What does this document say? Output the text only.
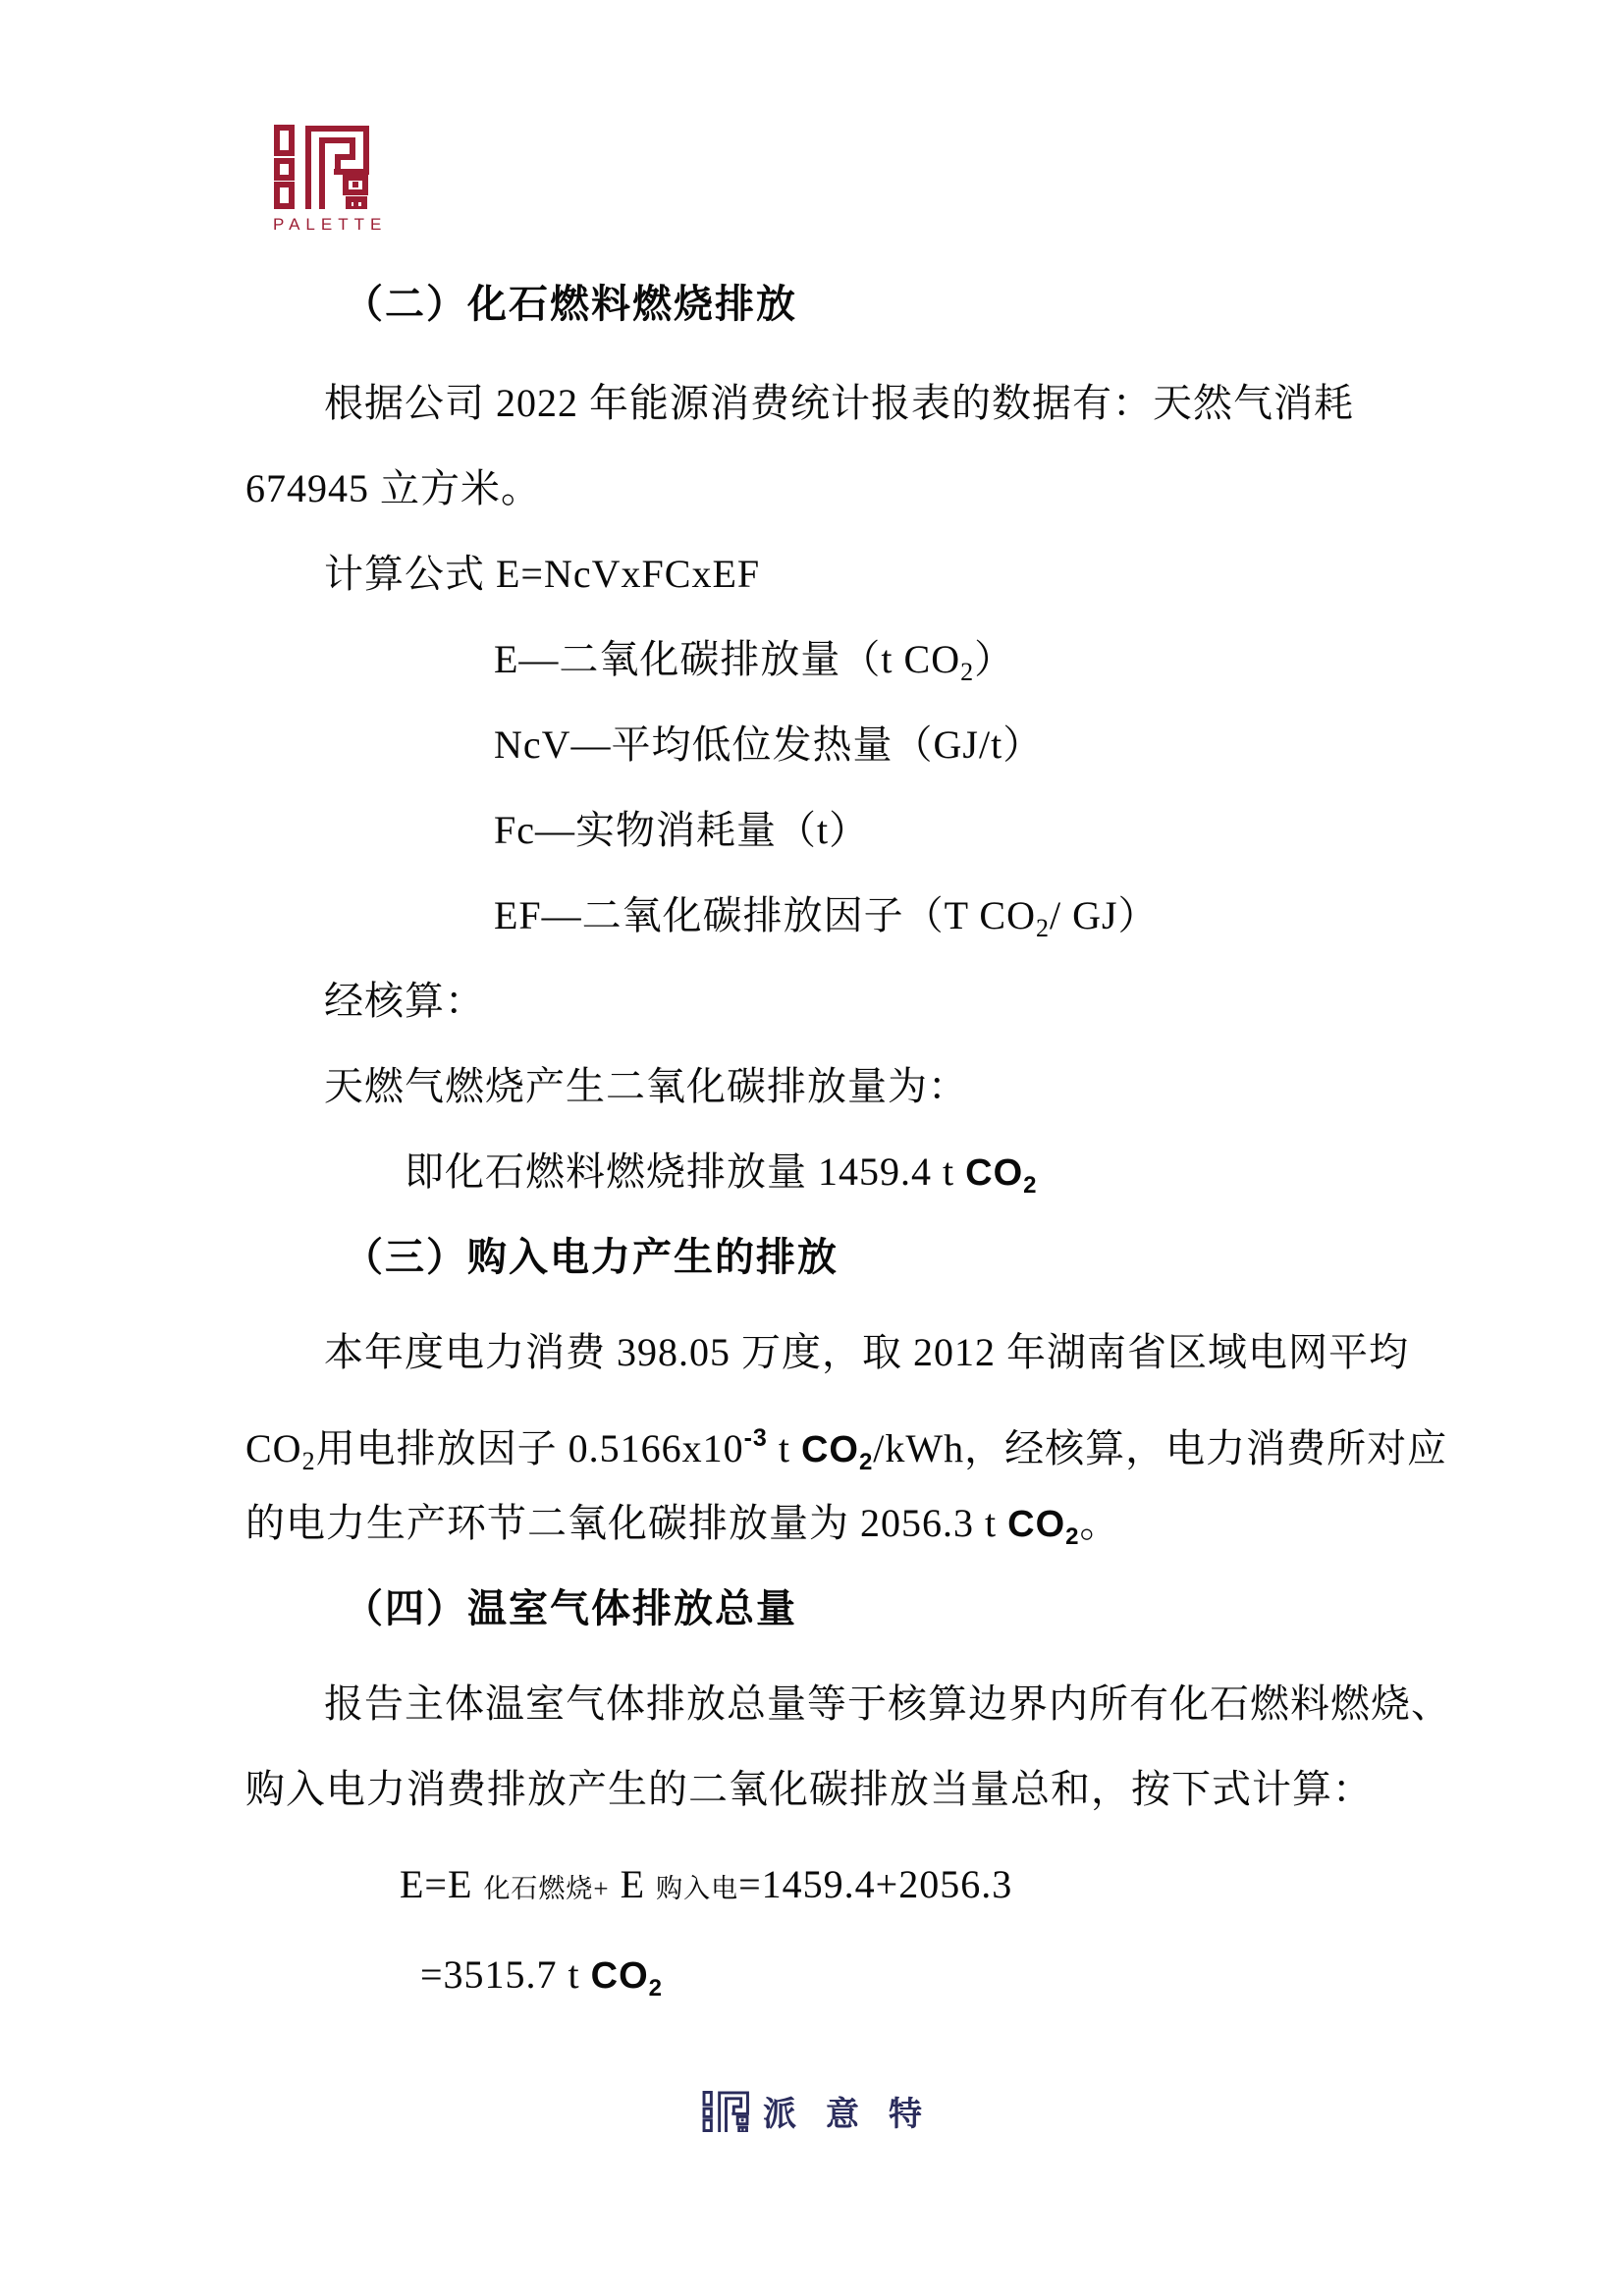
PALETTE
（二）化石燃料燃烧排放
根据公司 2022 年能源消费统计报表的数据有：天然气消耗
674945 立方米。
计算公式 E=NcVxFCxEF
E—二氧化碳排放量（t $CO_2$）
NcV—平均低位发热量（GJ/t）
Fc—实物消耗量（t）
EF—二氧化碳排放因子（T $CO_2/$ GJ）
经核算：
天燃气燃烧产生二氧化碳排放量为：
即化石燃料燃烧排放量 1459.4 t $CO_2$
（三）购入电力产生的排放
本年度电力消费 398.05 万度，取 2012 年湖南省区域电网平均
$CO_2$用电排放因子 $0.5166x10^{-3}$ t $CO_2$/kWh，经核算，电力消费所对应
的电力生产环节二氧化碳排放量为 2056.3 t $CO_2$。
（四）温室气体排放总量
报告主体温室气体排放总量等于核算边界内所有化石燃料燃烧、
购入电力消费排放产生的二氧化碳排放当量总和，按下式计算：
E=E 化石燃烧+ E 购入电=1459.4+2056.3
=3515.7 t $CO_2$
派意特
